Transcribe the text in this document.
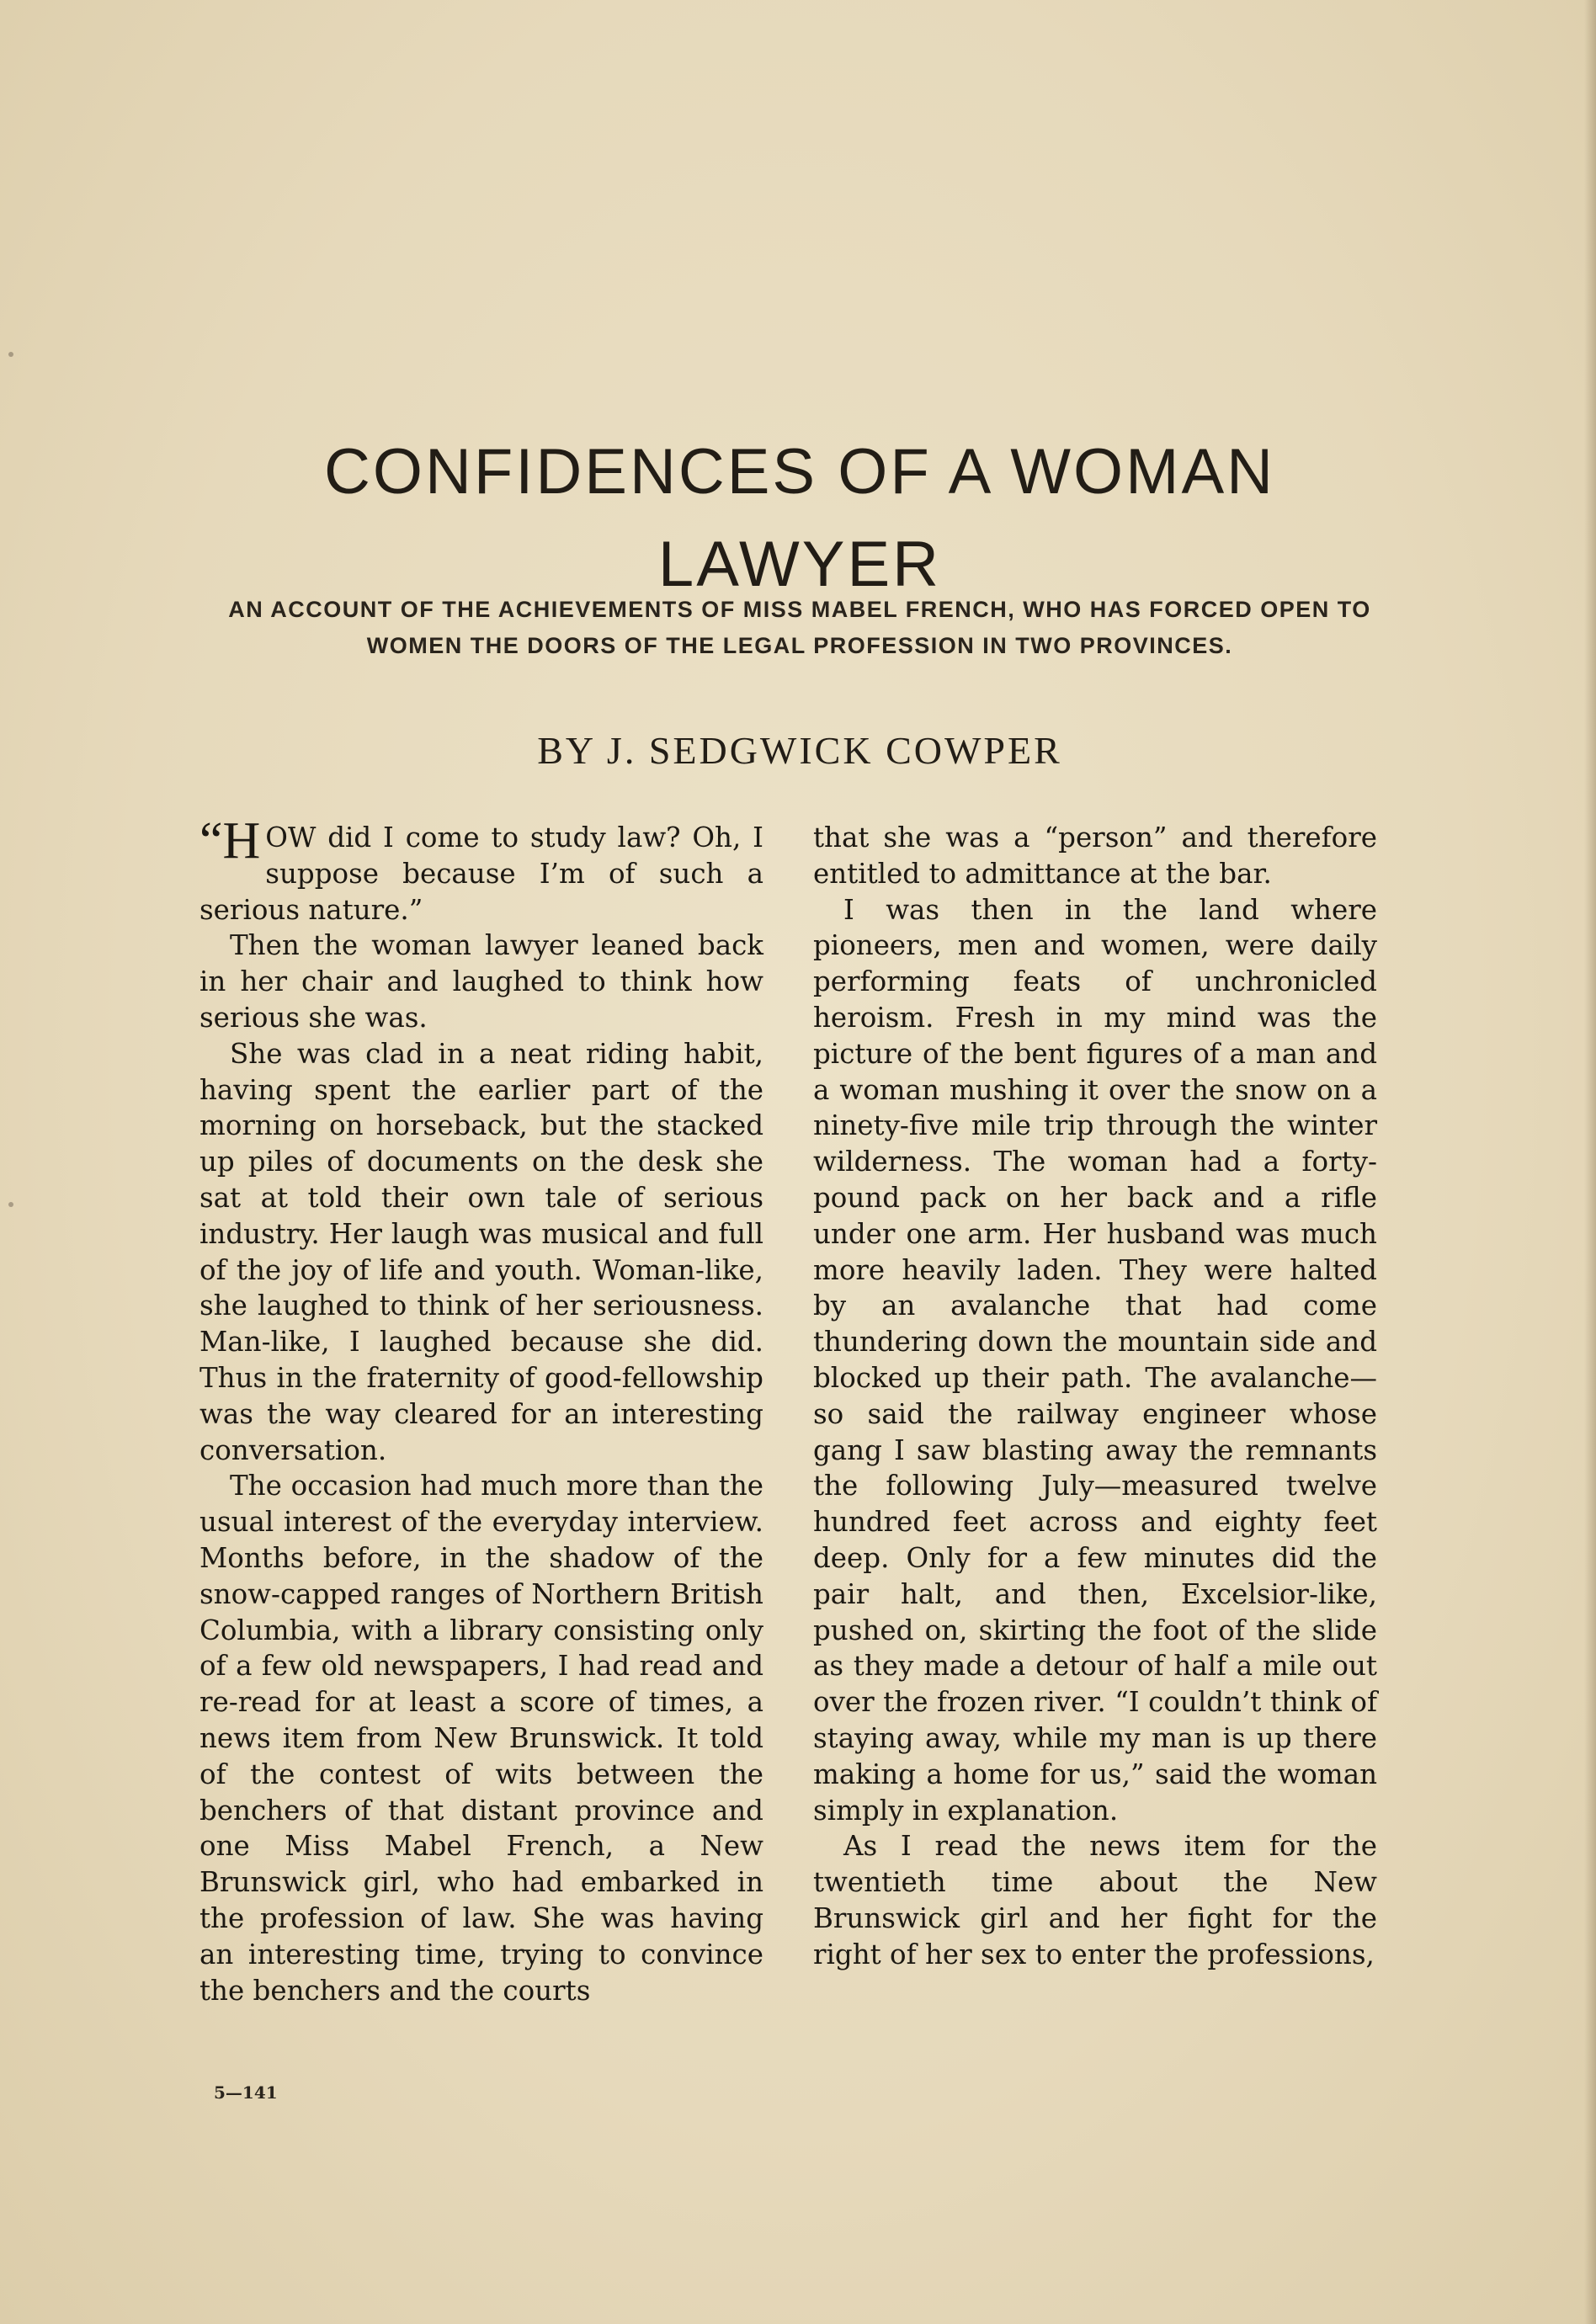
CONFIDENCES OF A WOMAN LAWYER
AN ACCOUNT OF THE ACHIEVEMENTS OF MISS MABEL FRENCH, WHO HAS FORCED OPEN TO WOMEN THE DOORS OF THE LEGAL PROFESSION IN TWO PROVINCES.
BY J. SEDGWICK COWPER

“HOW did I come to study law? Oh, I suppose because I’m of such a serious nature.”

Then the woman lawyer leaned back in her chair and laughed to think how serious she was.

She was clad in a neat riding habit, having spent the earlier part of the morning on horseback, but the stacked up piles of documents on the desk she sat at told their own tale of serious industry. Her laugh was musical and full of the joy of life and youth. Woman-like, she laughed to think of her seriousness. Man-like, I laughed because she did. Thus in the fraternity of good-fellowship was the way cleared for an interesting conversation.

The occasion had much more than the usual interest of the everyday interview. Months before, in the shadow of the snow-capped ranges of Northern British Columbia, with a library consisting only of a few old newspapers, I had read and re-read for at least a score of times, a news item from New Brunswick. It told of the contest of wits between the benchers of that distant province and one Miss Mabel French, a New Brunswick girl, who had embarked in the profession of law. She was having an interesting time, trying to convince the benchers and the courts

that she was a “person” and therefore entitled to admittance at the bar.

I was then in the land where pioneers, men and women, were daily performing feats of unchronicled heroism. Fresh in my mind was the picture of the bent figures of a man and a woman mushing it over the snow on a ninety-five mile trip through the winter wilderness. The woman had a forty-pound pack on her back and a rifle under one arm. Her husband was much more heavily laden. They were halted by an avalanche that had come thundering down the mountain side and blocked up their path. The avalanche—so said the railway engineer whose gang I saw blasting away the remnants the following July—measured twelve hundred feet across and eighty feet deep. Only for a few minutes did the pair halt, and then, Excelsior-like, pushed on, skirting the foot of the slide as they made a detour of half a mile out over the frozen river. “I couldn’t think of staying away, while my man is up there making a home for us,” said the woman simply in explanation.

As I read the news item for the twentieth time about the New Brunswick girl and her fight for the right of her sex to enter the professions,

5—141
